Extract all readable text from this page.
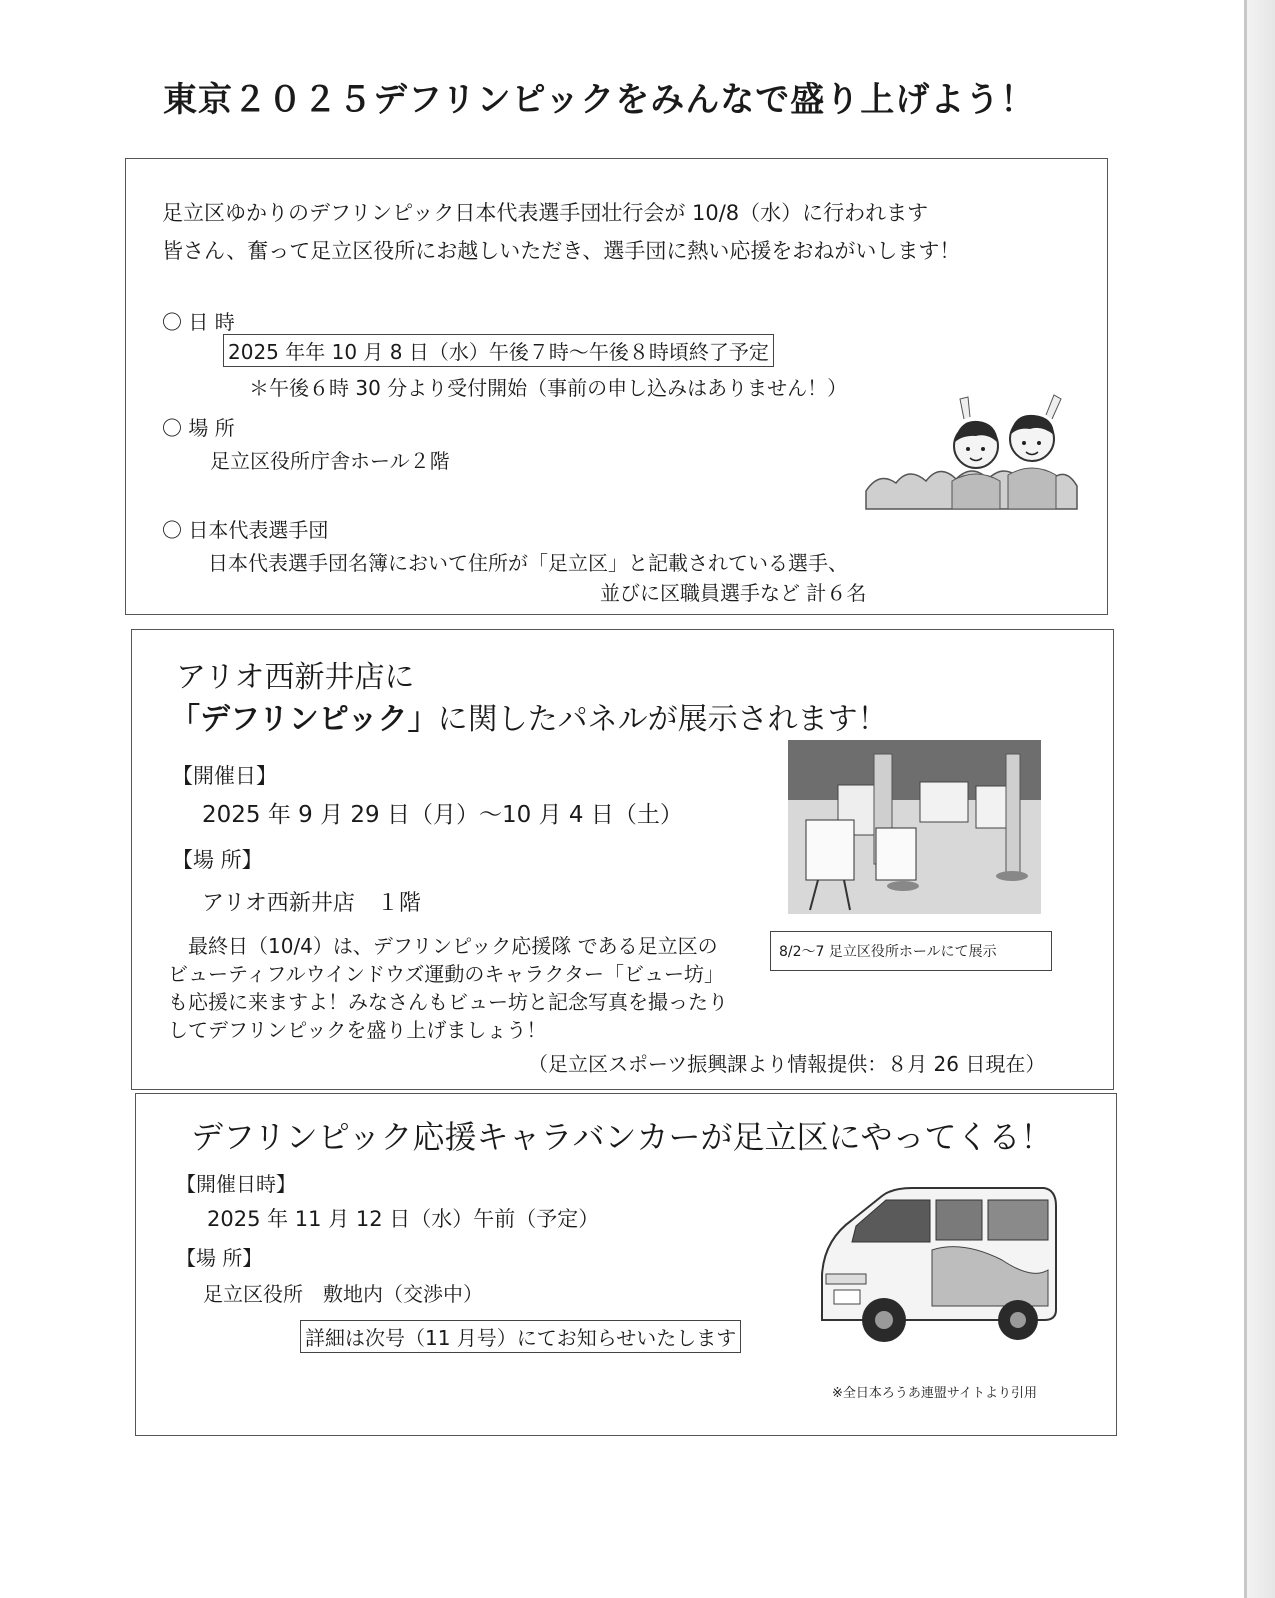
東京２０２５デフリンピックをみんなで盛り上げよう！
足立区ゆかりのデフリンピック日本代表選手団壮行会が 10/8（水）に行われます
皆さん、奮って足立区役所にお越しいただき、選手団に熱い応援をおねがいします！
〇 日 時
2025 年年 10 月 8 日（水）午後７時〜午後８時頃終了予定
＊午後６時 30 分より受付開始（事前の申し込みはありません！）
〇 場 所
足立区役所庁舎ホール２階
〇 日本代表選手団
日本代表選手団名簿において住所が「足立区」と記載されている選手、
並びに区職員選手など 計６名
アリオ西新井店に
「デフリンピック」に関したパネルが展示されます！
【開催日】
2025 年 9 月 29 日（月）〜10 月 4 日（土）
【場 所】
アリオ西新井店　１階
最終日（10/4）は、デフリンピック応援隊 である足立区の
ビューティフルウインドウズ運動のキャラクター「ビュー坊」
も応援に来ますよ！みなさんもビュー坊と記念写真を撮ったり
してデフリンピックを盛り上げましょう！
8/2〜7 足立区役所ホールにて展示
（足立区スポーツ振興課より情報提供：８月 26 日現在）
デフリンピック応援キャラバンカーが足立区にやってくる！
【開催日時】
2025 年 11 月 12 日（水）午前（予定）
【場 所】
足立区役所　敷地内（交渉中）
詳細は次号（11 月号）にてお知らせいたします
※全日本ろうあ連盟サイトより引用
